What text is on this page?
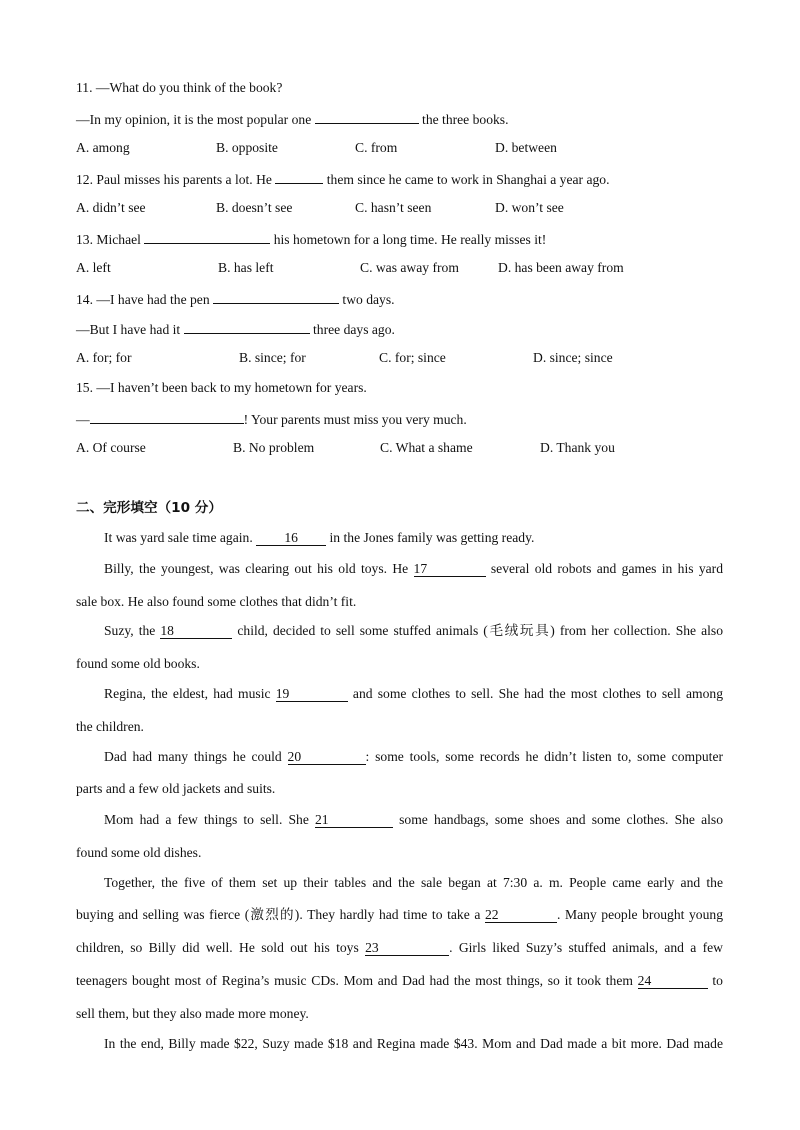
11. —What do you think of the book?
—In my opinion, it is the most popular one	the three books.
A. among	B. opposite	C. from	D. between
12. Paul misses his parents a lot. He	them since he came to work in Shanghai a year ago.
A. didn’t see	B. doesn’t see	C. hasn’t seen	D. won’t see
13. Michael	his hometown for a long time. He really misses it!
A. left	B. has left	C. was away from	D. has been away from
14. —I have had the pen	two days.
—But I have had it	three days ago.
A. for; for	B. since; for	C. for; since	D. since; since
15. —I haven’t been back to my hometown for years.
—	! Your parents must miss you very much.
A. Of course	B. No problem	C. What a shame	D. Thank you
二、完形填空（10 分）
It was yard sale time again. 16 in the Jones family was getting ready.
Billy, the youngest, was clearing out his old toys. He 17	several old robots and games in his yard
sale box. He also found some clothes that didn’t fit.
Suzy, the 18	child, decided to sell some stuffed animals (毛绒玩具) from her collection. She also
found some old books.
Regina, the eldest, had music 19	and some clothes to sell. She had the most clothes to sell among
the children.
Dad had many things he could 20	: some tools, some records he didn’t listen to, some computer
parts and a few old jackets and suits.
Mom had a few things to sell. She 21	some handbags, some shoes and some clothes. She also
found some old dishes.
Together, the five of them set up their tables and the sale began at 7:30 a. m. People came early and the
buying and selling was fierce (激烈的). They hardly had time to take a 22	. Many people brought young
children, so Billy did well. He sold out his toys 23	. Girls liked Suzy’s stuffed animals, and a few
teenagers bought most of Regina’s music CDs. Mom and Dad had the most things, so it took them 24	to
sell them, but they also made more money.
In the end, Billy made $22, Suzy made $18 and Regina made $43. Mom and Dad made a bit more. Dad made
